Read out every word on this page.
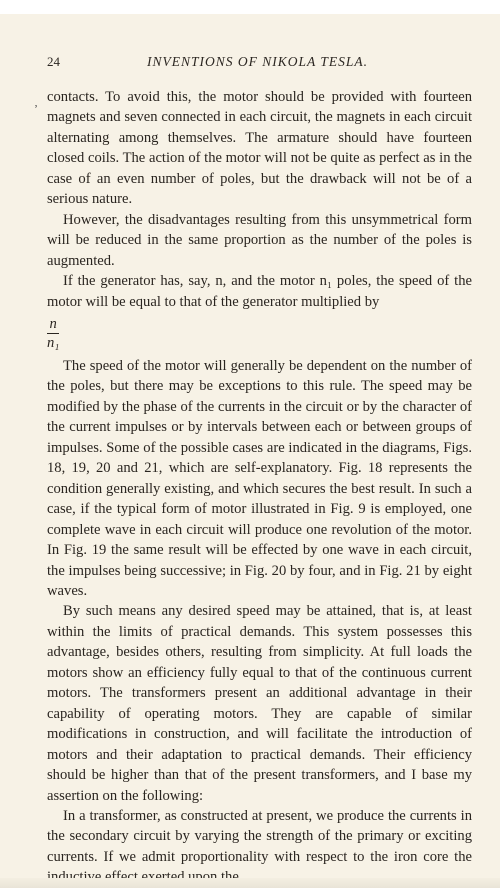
24	INVENTIONS OF NIKOLA TESLA.
‚ contacts. To avoid this, the motor should be provided with fourteen magnets and seven connected in each circuit, the magnets in each circuit alternating among themselves. The armature should have fourteen closed coils. The action of the motor will not be quite as perfect as in the case of an even number of poles, but the drawback will not be of a serious nature.

However, the disadvantages resulting from this unsymmetrical form will be reduced in the same proportion as the number of the poles is augmented.

If the generator has, say, n, and the motor n₁ poles, the speed of the motor will be equal to that of the generator multiplied by

$\frac{n}{\text{n₁}}$

The speed of the motor will generally be dependent on the number of the poles, but there may be exceptions to this rule. The speed may be modified by the phase of the currents in the circuit or by the character of the current impulses or by intervals between each or between groups of impulses. Some of the possible cases are indicated in the diagrams, Figs. 18, 19, 20 and 21, which are self-explanatory. Fig. 18 represents the condition generally existing, and which secures the best result. In such a case, if the typical form of motor illustrated in Fig. 9 is employed, one complete wave in each circuit will produce one revolution of the motor. In Fig. 19 the same result will be effected by one wave in each circuit, the impulses being successive; in Fig. 20 by four, and in Fig. 21 by eight waves.

By such means any desired speed may be attained, that is, at least within the limits of practical demands. This system possesses this advantage, besides others, resulting from simplicity. At full loads the motors show an efficiency fully equal to that of the continuous current motors. The transformers present an additional advantage in their capability of operating motors. They are capable of similar modifications in construction, and will facilitate the introduction of motors and their adaptation to practical demands. Their efficiency should be higher than that of the present transformers, and I base my assertion on the following:

In a transformer, as constructed at present, we produce the currents in the secondary circuit by varying the strength of the primary or exciting currents. If we admit proportionality with respect to the iron core the
